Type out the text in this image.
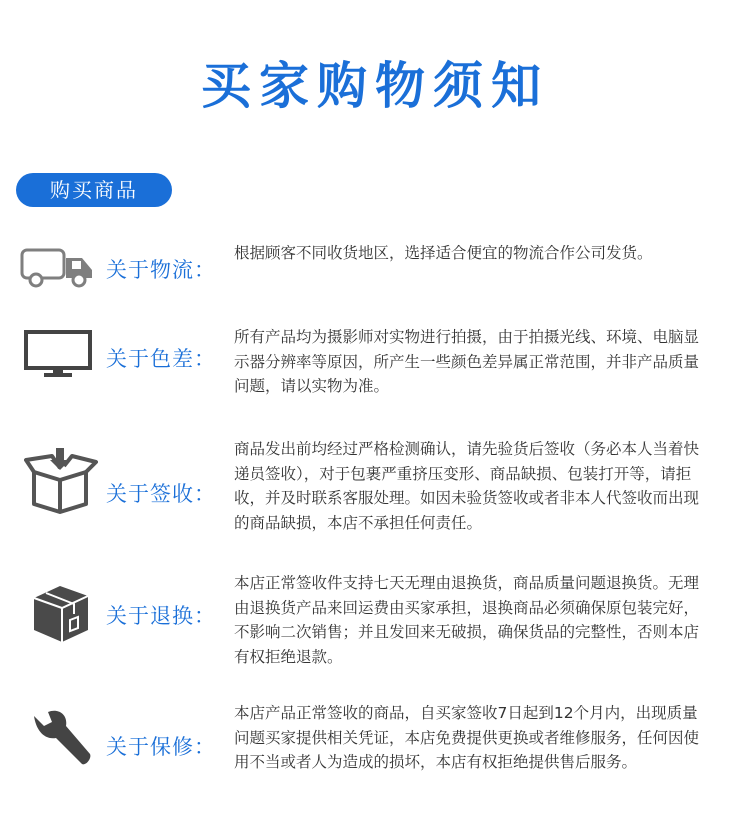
买家购物须知
购买商品
关于物流：
根据顾客不同收货地区，选择适合便宜的物流合作公司发货。
关于色差：
所有产品均为摄影师对实物进行拍摄，由于拍摄光线、环境、电脑显示器分辨率等原因，所产生一些颜色差异属正常范围，并非产品质量问题，请以实物为准。
关于签收：
商品发出前均经过严格检测确认，请先验货后签收（务必本人当着快递员签收），对于包裹严重挤压变形、商品缺损、包装打开等，请拒收，并及时联系客服处理。如因未验货签收或者非本人代签收而出现的商品缺损，本店不承担任何责任。
关于退换：
本店正常签收件支持七天无理由退换货，商品质量问题退换货。无理由退换货产品来回运费由买家承担，退换商品必须确保原包装完好，不影响二次销售；并且发回来无破损，确保货品的完整性，否则本店有权拒绝退款。
关于保修：
本店产品正常签收的商品，自买家签收7日起到12个月内，出现质量问题买家提供相关凭证，本店免费提供更换或者维修服务，任何因使用不当或者人为造成的损坏，本店有权拒绝提供售后服务。
